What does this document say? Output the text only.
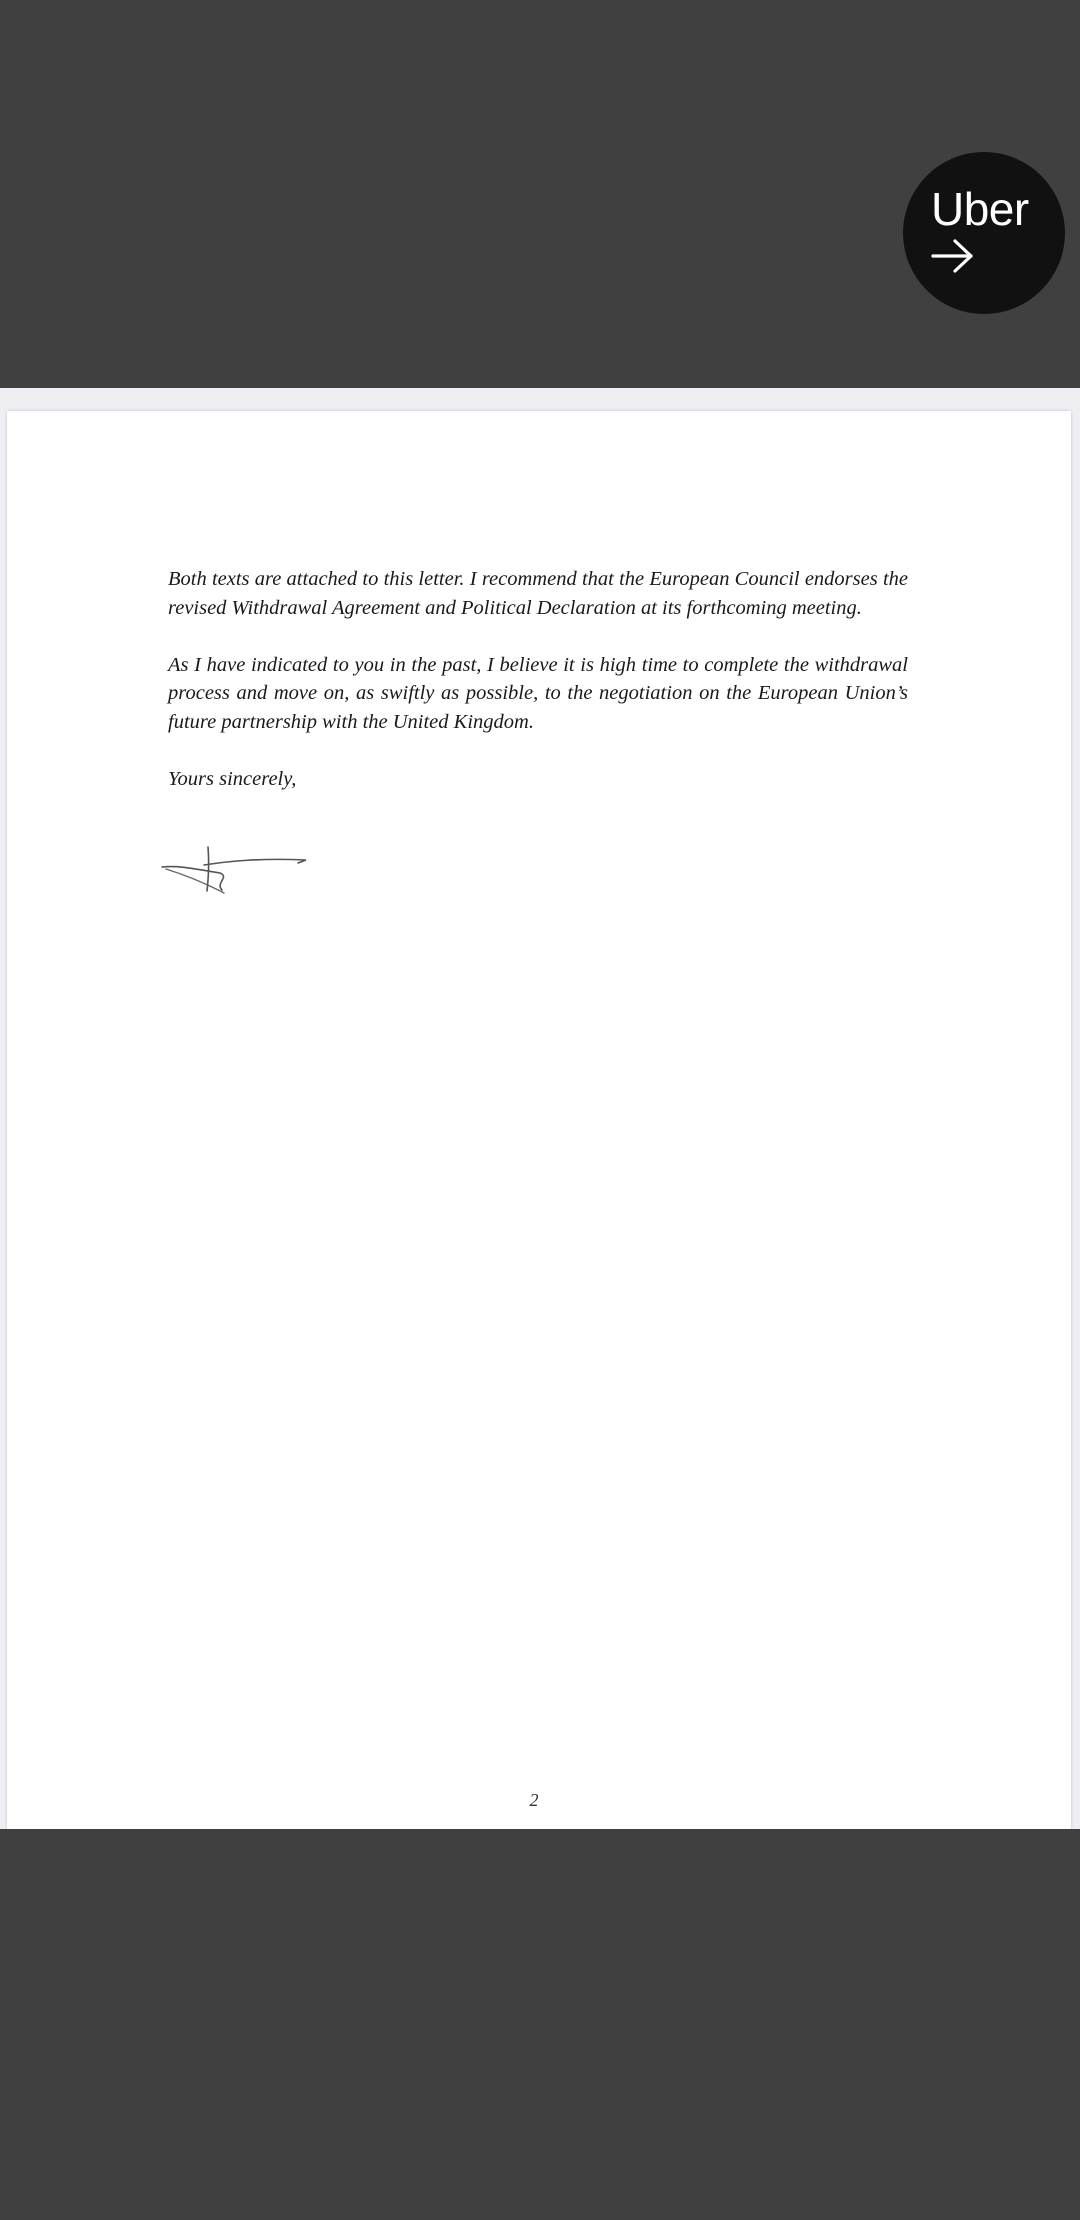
Uber

Both texts are attached to this letter. I recommend that the European Council endorses the revised Withdrawal Agreement and Political Declaration at its forthcoming meeting.

As I have indicated to you in the past, I believe it is high time to complete the withdrawal process and move on, as swiftly as possible, to the negotiation on the European Union’s future partnership with the United Kingdom.

Yours sincerely,

2
